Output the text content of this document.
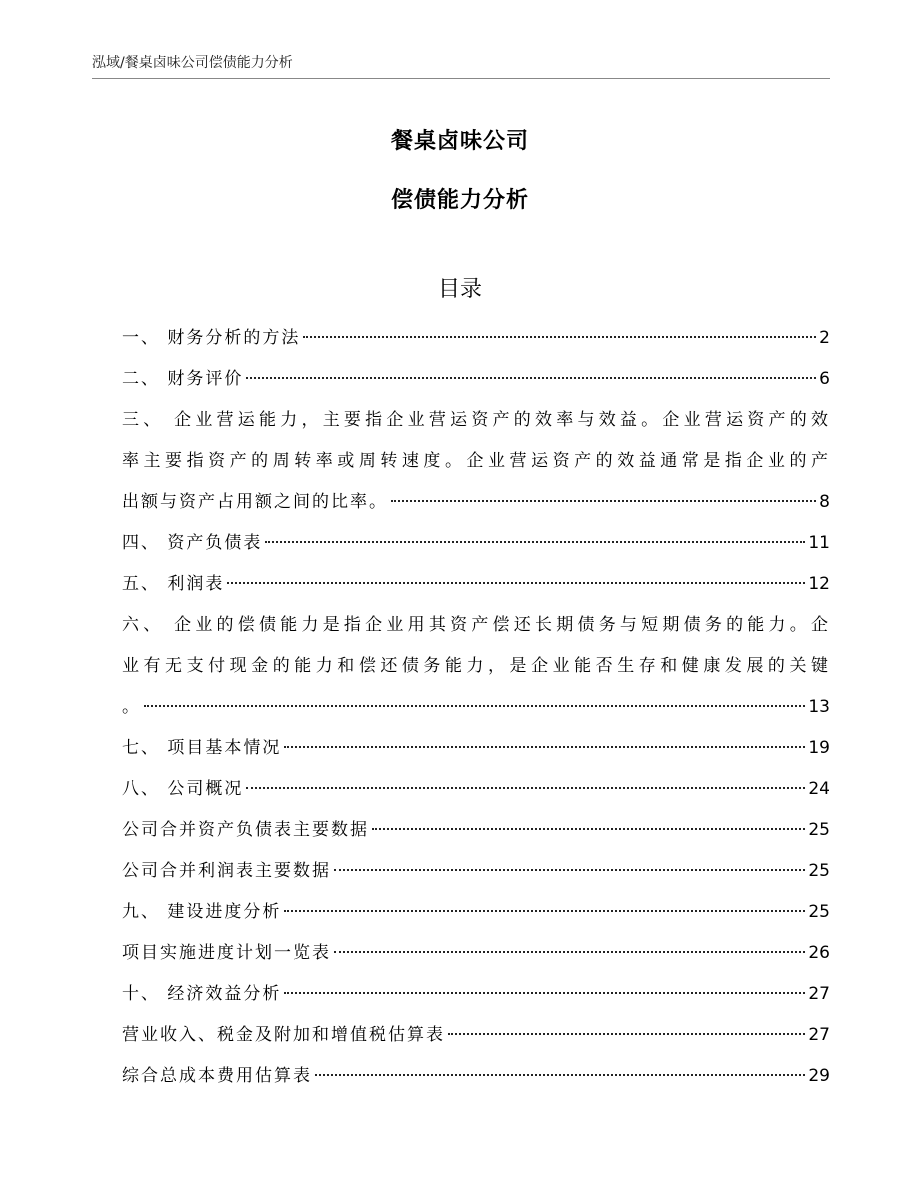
泓域/餐桌卤味公司偿债能力分析
餐桌卤味公司
偿债能力分析
目录
一、 财务分析的方法	2
二、 财务评价	6
三、 企业营运能力，主要指企业营运资产的效率与效益。企业营运资产的效
率主要指资产的周转率或周转速度。企业营运资产的效益通常是指企业的产
出额与资产占用额之间的比率。	8
四、 资产负债表	11
五、 利润表	12
六、 企业的偿债能力是指企业用其资产偿还长期债务与短期债务的能力。企
业有无支付现金的能力和偿还债务能力，是企业能否生存和健康发展的关键
。	13
七、 项目基本情况	19
八、 公司概况	24
公司合并资产负债表主要数据	25
公司合并利润表主要数据	25
九、 建设进度分析	25
项目实施进度计划一览表	26
十、 经济效益分析	27
营业收入、税金及附加和增值税估算表	27
综合总成本费用估算表	29
